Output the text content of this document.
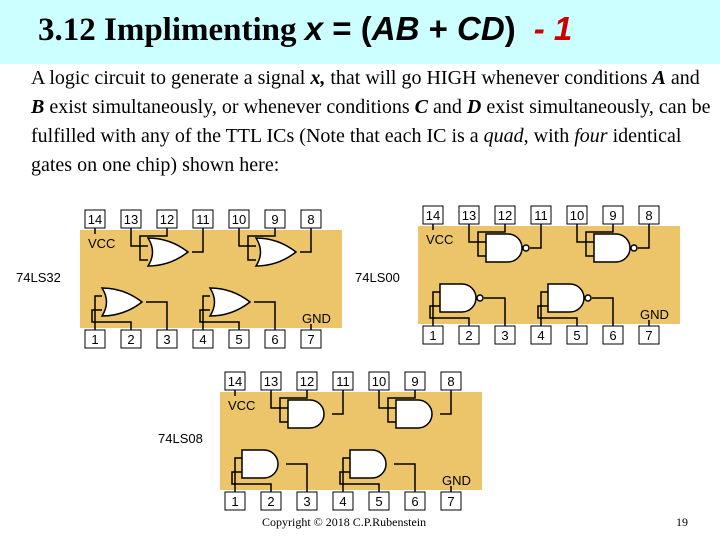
3.12 Implimenting x = (AB + CD) - 1
A logic circuit to generate a signal x, that will go HIGH whenever conditions A and B exist simultaneously, or whenever conditions C and D exist simultaneously, can be fulfilled with any of the TTL ICs (Note that each IC is a quad, with four identical gates on one chip) shown here:
74LS32
14
1
13
2
12
3
11
4
10
5
9
6
8
7
VCC
GND
74LS00
14
1
13
2
12
3
11
4
10
5
9
6
8
7
VCC
GND
74LS08
14
1
13
2
12
3
11
4
10
5
9
6
8
7
VCC
GND
Copyright © 2018 C.P.Rubenstein	19
